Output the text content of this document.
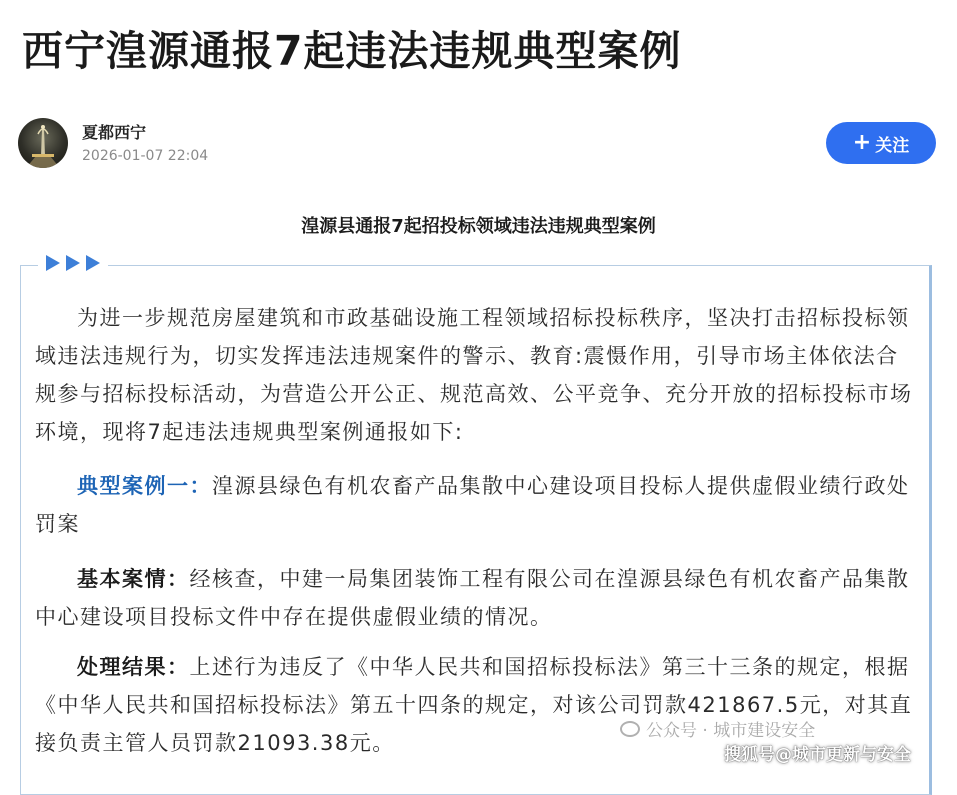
西宁湟源通报7起违法违规典型案例
夏都西宁
2026-01-07 22:04
+ 关注
湟源县通报7起招投标领域违法违规典型案例

为进一步规范房屋建筑和市政基础设施工程领域招标投标秩序，坚决打击招标投标领域违法违规行为，切实发挥违法违规案件的警示、教育:震慑作用，引导市场主体依法合规参与招标投标活动，为营造公开公正、规范高效、公平竞争、充分开放的招标投标市场环境，现将7起违法违规典型案例通报如下:

典型案例一：湟源县绿色有机农畜产品集散中心建设项目投标人提供虚假业绩行政处罚案

基本案情：经核查，中建一局集团装饰工程有限公司在湟源县绿色有机农畜产品集散中心建设项目投标文件中存在提供虚假业绩的情况。

处理结果：上述行为违反了《中华人民共和国招标投标法》第三十三条的规定，根据《中华人民共和国招标投标法》第五十四条的规定，对该公司罚款421867.5元，对其直接负责主管人员罚款21093.38元。	公众号 · 城市建设安全
搜狐号@城市更新与安全
